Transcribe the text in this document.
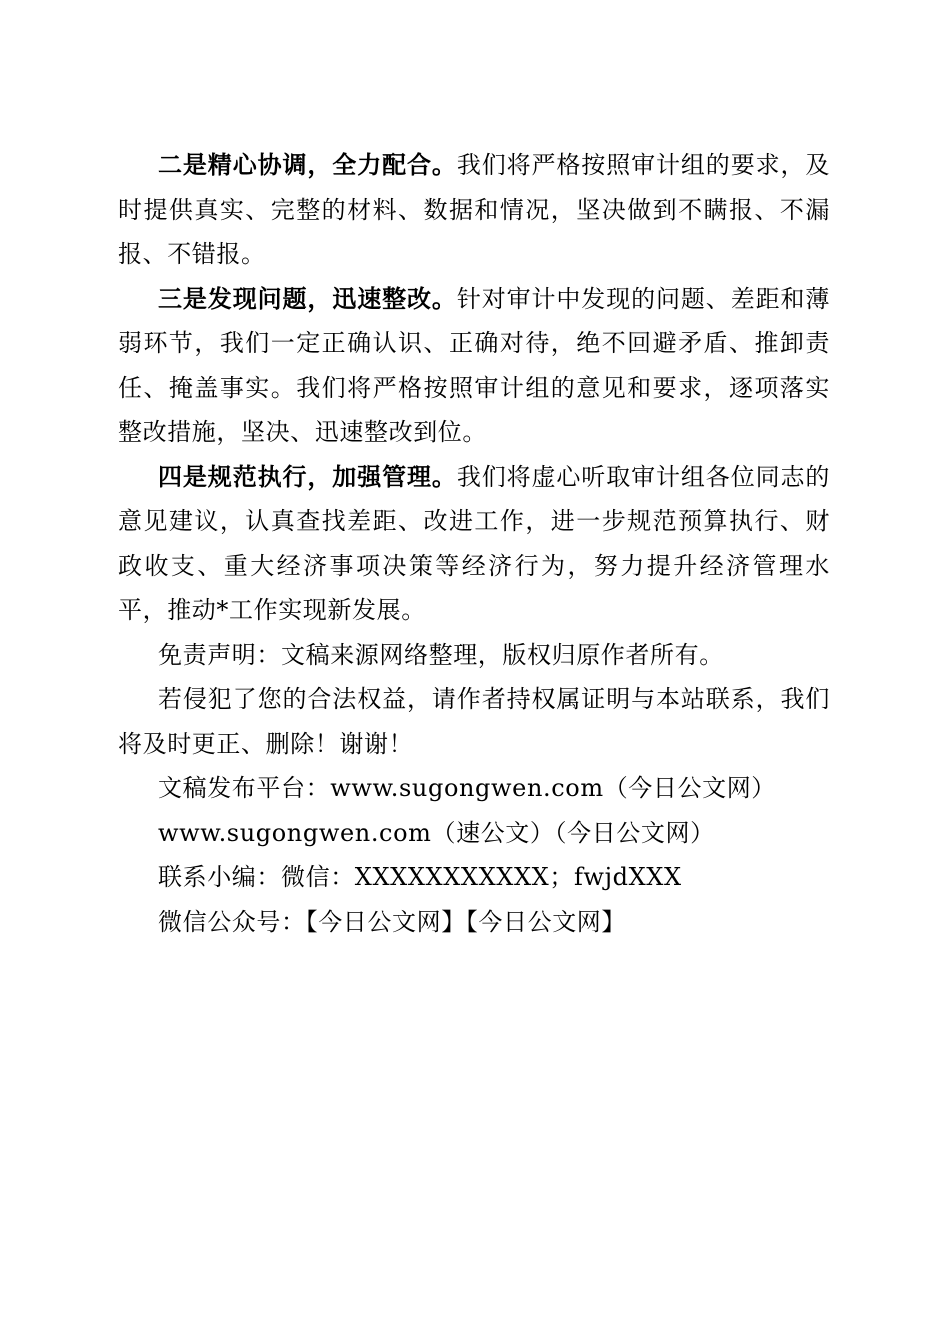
二是精心协调，全力配合。我们将严格按照审计组的要求，及时提供真实、完整的材料、数据和情况，坚决做到不瞒报、不漏报、不错报。

三是发现问题，迅速整改。针对审计中发现的问题、差距和薄弱环节，我们一定正确认识、正确对待，绝不回避矛盾、推卸责任、掩盖事实。我们将严格按照审计组的意见和要求，逐项落实整改措施，坚决、迅速整改到位。

四是规范执行，加强管理。我们将虚心听取审计组各位同志的意见建议，认真查找差距、改进工作，进一步规范预算执行、财政收支、重大经济事项决策等经济行为，努力提升经济管理水平，推动*工作实现新发展。

免责声明：文稿来源网络整理，版权归原作者所有。

若侵犯了您的合法权益，请作者持权属证明与本站联系，我们将及时更正、删除！谢谢！

文稿发布平台：www.sugongwen.com（今日公文网）

www.sugongwen.com（速公文）（今日公文网）

联系小编：微信：XXXXXXXXXXX；fwjdXXX

微信公众号：【今日公文网】【今日公文网】
